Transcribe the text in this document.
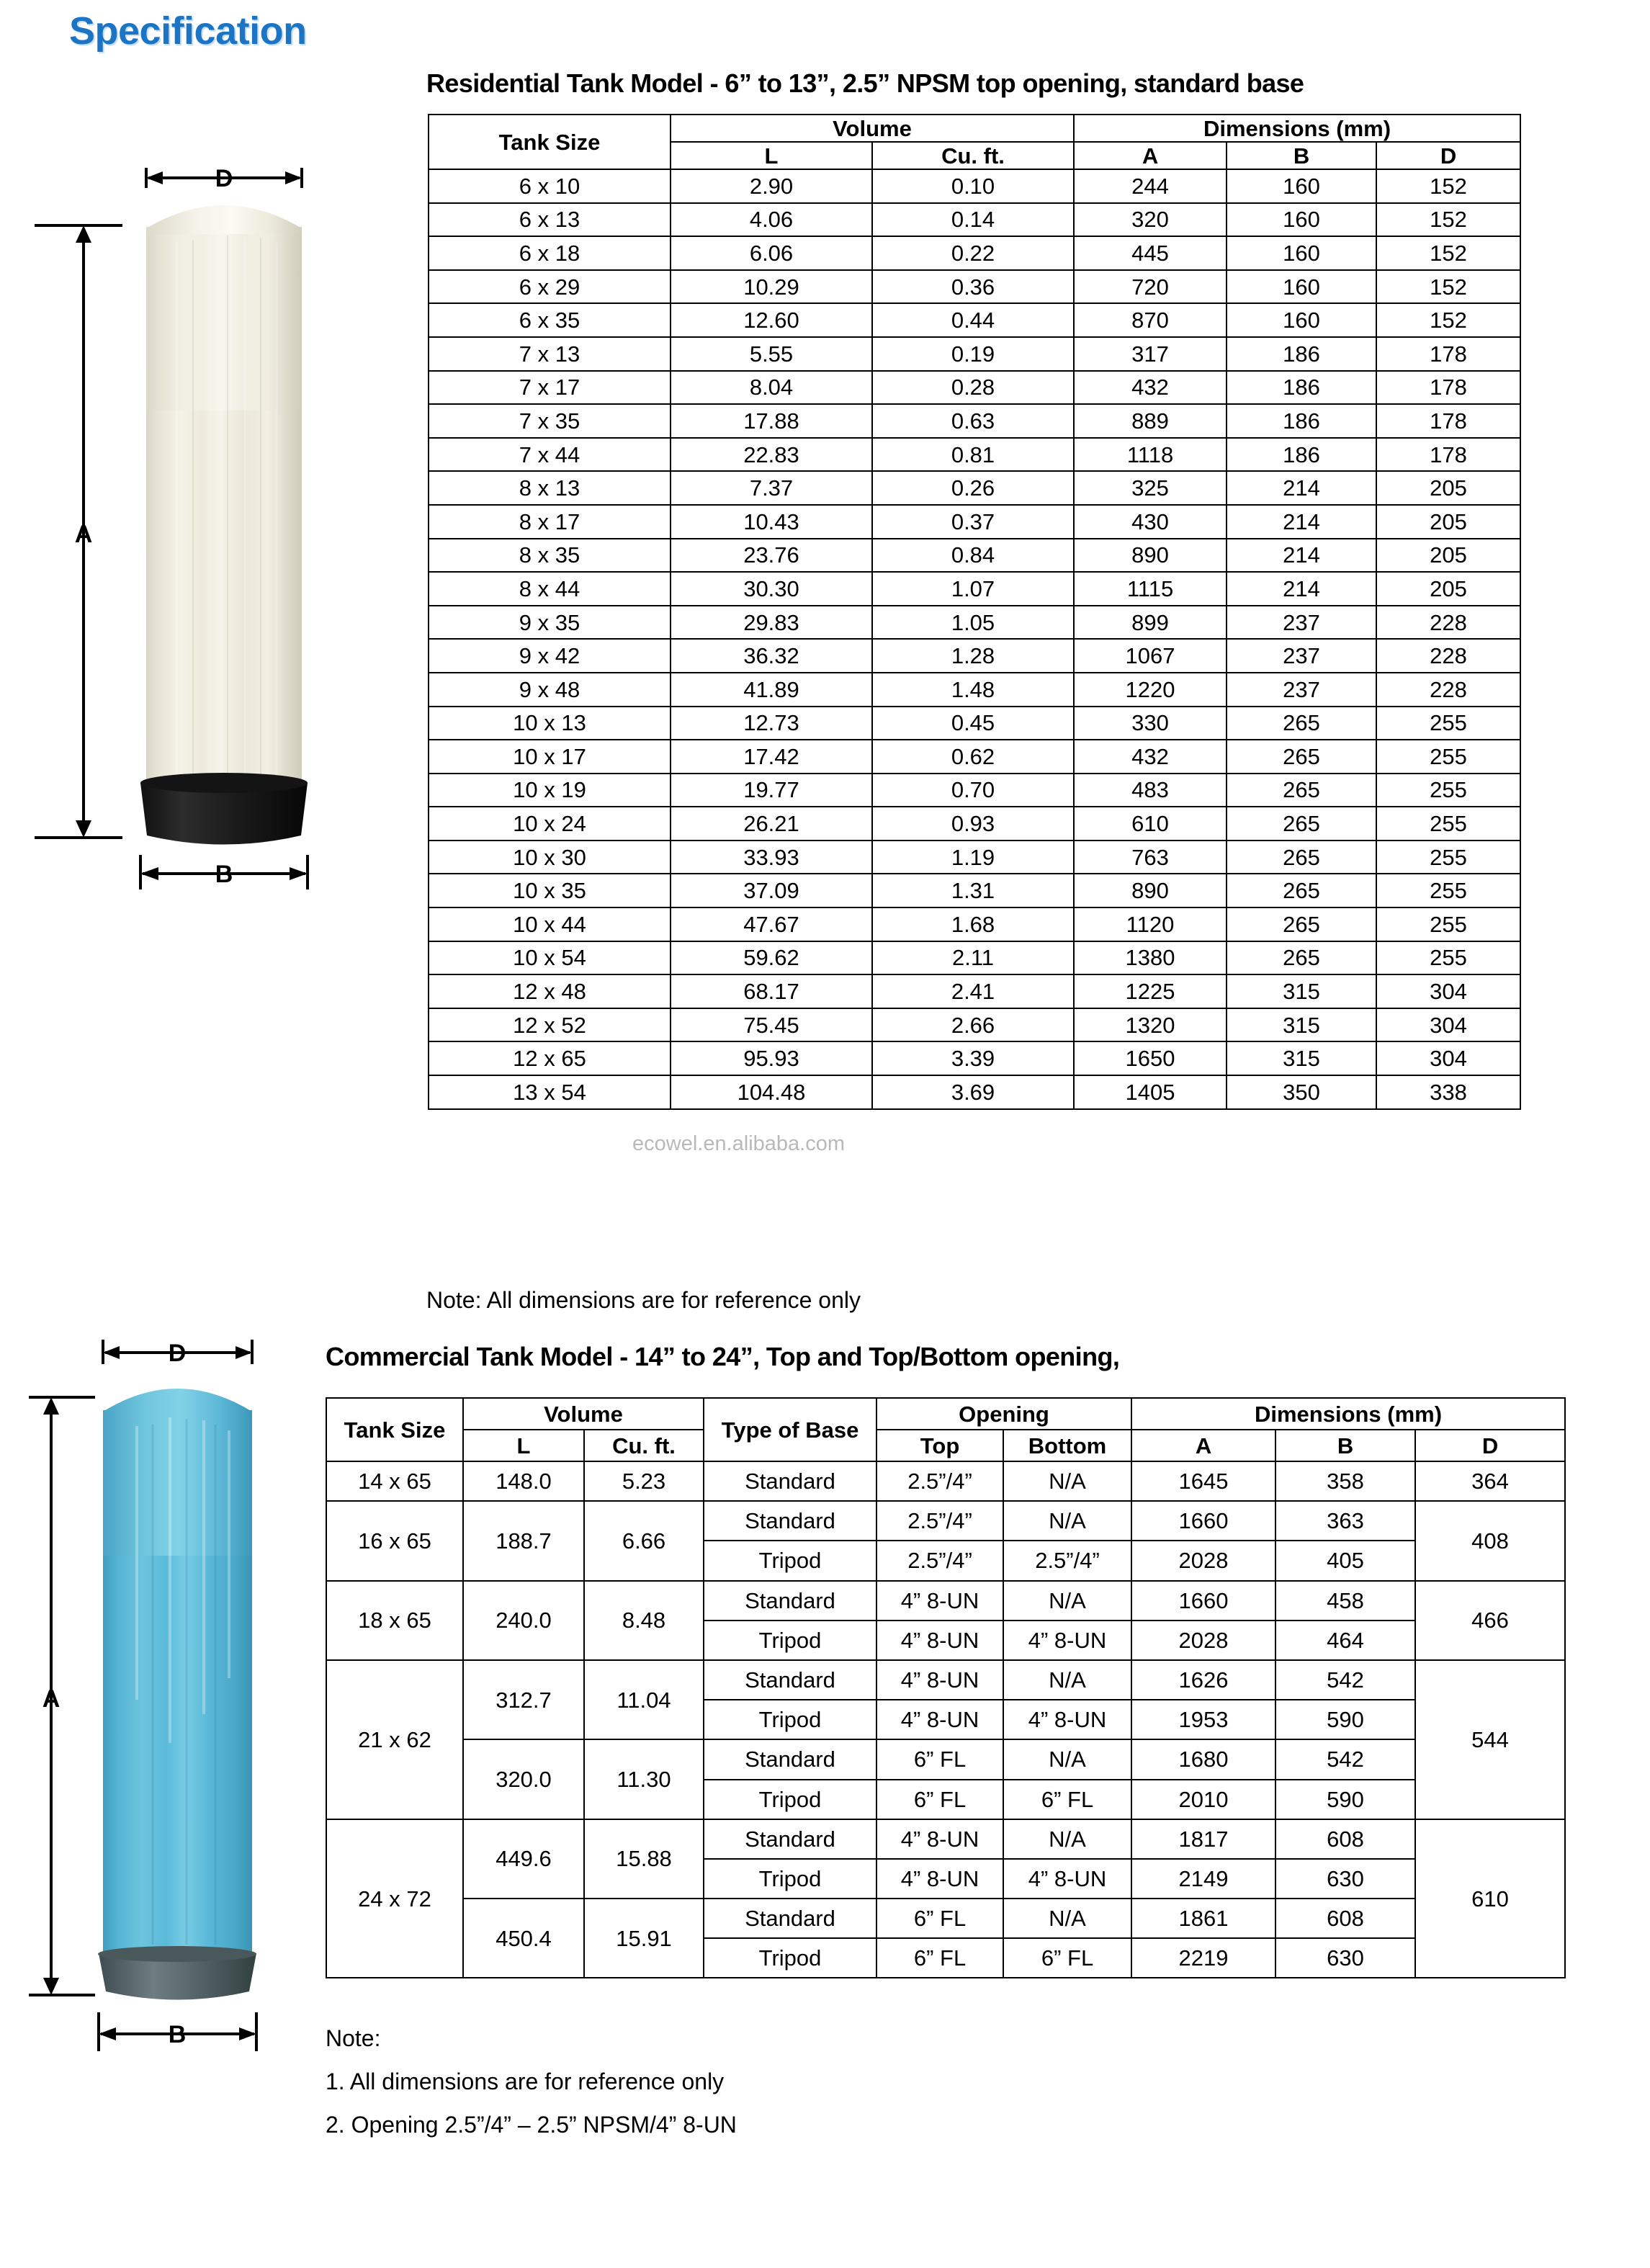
Specification
D
A
B
Residential Tank Model - 6” to 13”, 2.5” NPSM top opening, standard base
Tank Size	Volume		Dimensions (mm)		
	L	Cu. ft.	A	B	D
6 x 10	2.90	0.10	244	160	152
6 x 13	4.06	0.14	320	160	152
6 x 18	6.06	0.22	445	160	152
6 x 29	10.29	0.36	720	160	152
6 x 35	12.60	0.44	870	160	152
7 x 13	5.55	0.19	317	186	178
7 x 17	8.04	0.28	432	186	178
7 x 35	17.88	0.63	889	186	178
7 x 44	22.83	0.81	1118	186	178
8 x 13	7.37	0.26	325	214	205
8 x 17	10.43	0.37	430	214	205
8 x 35	23.76	0.84	890	214	205
8 x 44	30.30	1.07	1115	214	205
9 x 35	29.83	1.05	899	237	228
9 x 42	36.32	1.28	1067	237	228
9 x 48	41.89	1.48	1220	237	228
10 x 13	12.73	0.45	330	265	255
10 x 17	17.42	0.62	432	265	255
10 x 19	19.77	0.70	483	265	255
10 x 24	26.21	0.93	610	265	255
10 x 30	33.93	1.19	763	265	255
10 x 35	37.09	1.31	890	265	255
10 x 44	47.67	1.68	1120	265	255
10 x 54	59.62	2.11	1380	265	255
12 x 48	68.17	2.41	1225	315	304
12 x 52	75.45	2.66	1320	315	304
12 x 65	95.93	3.39	1650	315	304
13 x 54	104.48	3.69	1405	350	338
ecowel.en.alibaba.com
Note: All dimensions are for reference only
D
A
B
Commercial Tank Model - 14” to 24”, Top and Top/Bottom opening,
Tank Size	Volume		Type of Base	Opening		Dimensions (mm)		
	L	Cu. ft.		Top	Bottom	A	B	D
14 x 65	148.0	5.23	Standard	2.5”/4”	N/A	1645	358	364
16 x 65	188.7	6.66	Standard	2.5”/4”	N/A	1660	363	408
			Tripod	2.5”/4”	2.5”/4”	2028	405	
18 x 65	240.0	8.48	Standard	4” 8-UN	N/A	1660	458	466
			Tripod	4” 8-UN	4” 8-UN	2028	464	
21 x 62	312.7	11.04	Standard	4” 8-UN	N/A	1626	542	544
			Tripod	4” 8-UN	4” 8-UN	1953	590	
	320.0	11.30	Standard	6” FL	N/A	1680	542	
			Tripod	6” FL	6” FL	2010	590	
24 x 72	449.6	15.88	Standard	4” 8-UN	N/A	1817	608	610
			Tripod	4” 8-UN	4” 8-UN	2149	630	
	450.4	15.91	Standard	6” FL	N/A	1861	608	
			Tripod	6” FL	6” FL	2219	630	
Note:
1. All dimensions are for reference only
2. Opening 2.5”/4” – 2.5” NPSM/4” 8-UN
